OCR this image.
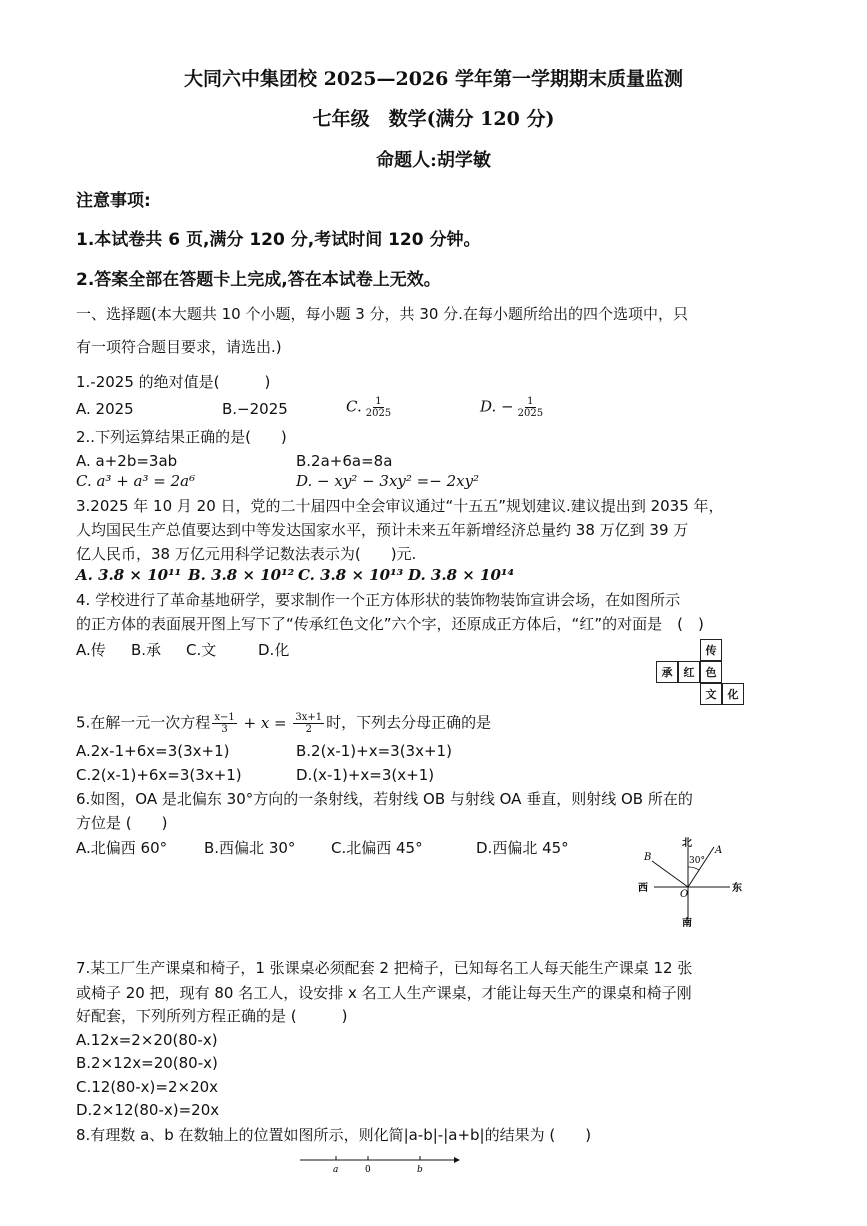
大同六中集团校 2025—2026 学年第一学期期末质量监测
七年级　数学(满分 120 分)
命题人:胡学敏
注意事项:
1.本试卷共 6 页,满分 120 分,考试时间 120 分钟。
2.答案全部在答题卡上完成,答在本试卷上无效。
一、选择题(本大题共 10 个小题，每小题 3 分，共 30 分.在每小题所给出的四个选项中，只
有一项符合题目要求，请选出.)
1.-2025 的绝对值是(　　　)
A. 2025	B.−2025	C. $\frac{1}{2025}$	D. − $\frac{1}{2025}$
2..下列运算结果正确的是(　　)
A. a+2b=3ab	B.2a+6a=8a
C. a³ + a³ = 2a⁶	D. − xy² − 3xy² =− 2xy²
3.2025 年 10 月 20 日，党的二十届四中全会审议通过“十五五”规划建议.建议提出到 2035 年，
人均国民生产总值要达到中等发达国家水平，预计未来五年新增经济总量约 38 万亿到 39 万
亿人民币，38 万亿元用科学记数法表示为(　　)元.
A. 3.8 × 10¹¹ B. 3.8 × 10¹² C. 3.8 × 10¹³ D. 3.8 × 10¹⁴
4. 学校进行了革命基地研学，要求制作一个正方体形状的装饰物装饰宣讲会场，在如图所示
的正方体的表面展开图上写下了“传承红色文化”六个字，还原成正方体后，“红”的对面是　(　)
A.传 B.承 C.文	D.化	传
承	红	色
文	化
5.在解一元一次方程 $\frac{x-1}{3} + x = \frac{3x+1}{2}$ 时，下列去分母正确的是
A.2x-1+6x=3(3x+1)	B.2(x-1)+x=3(3x+1)
C.2(x-1)+6x=3(3x+1)	D.(x-1)+x=3(x+1)
6.如图，OA 是北偏东 30°方向的一条射线，若射线 OB 与射线 OA 垂直，则射线 OB 所在的
方位是 (　　)
A.北偏西 60° B.西偏北 30° C.北偏西 45°	D.西偏北 45°	北
南
东
西
O
A
B	30°
7.某工厂生产课桌和椅子，1 张课桌必须配套 2 把椅子，已知每名工人每天能生产课桌 12 张
或椅子 20 把，现有 80 名工人，设安排 x 名工人生产课桌，才能让每天生产的课桌和椅子刚
好配套，下列所列方程正确的是 (　　　)
A.12x=2×20(80-x)
B.2×12x=20(80-x)
C.12(80-x)=2×20x
D.2×12(80-x)=20x
8.有理数 a、b 在数轴上的位置如图所示，则化简|a-b|-|a+b|的结果为 (　　)
a	0	b
